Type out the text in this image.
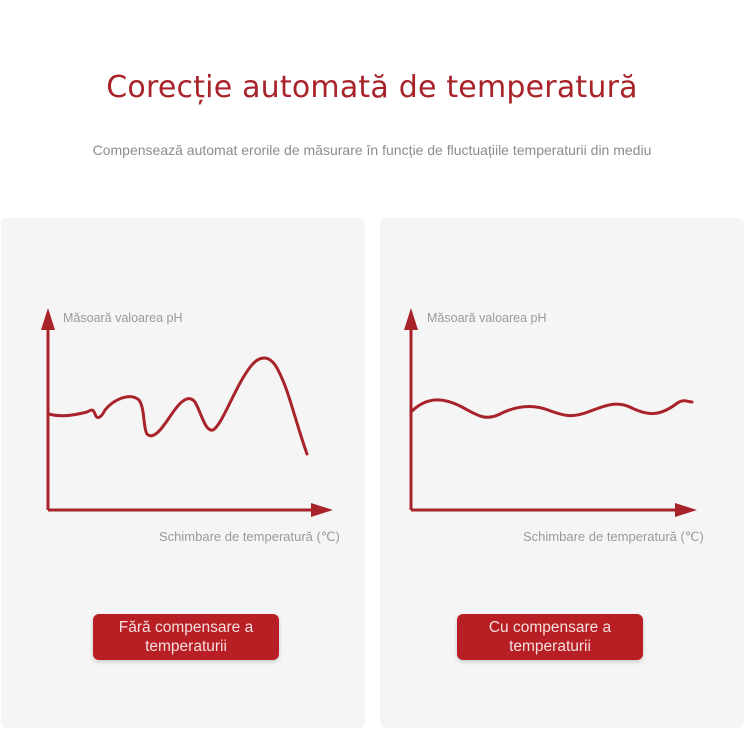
Corecție automată de temperatură
Compensează automat erorile de măsurare în funcție de fluctuațiile temperaturii din mediu
Măsoară valoarea pH
Schimbare de temperatură (℃)
Fără compensare a temperaturii
Măsoară valoarea pH
Schimbare de temperatură (℃)
Cu compensare a temperaturii
